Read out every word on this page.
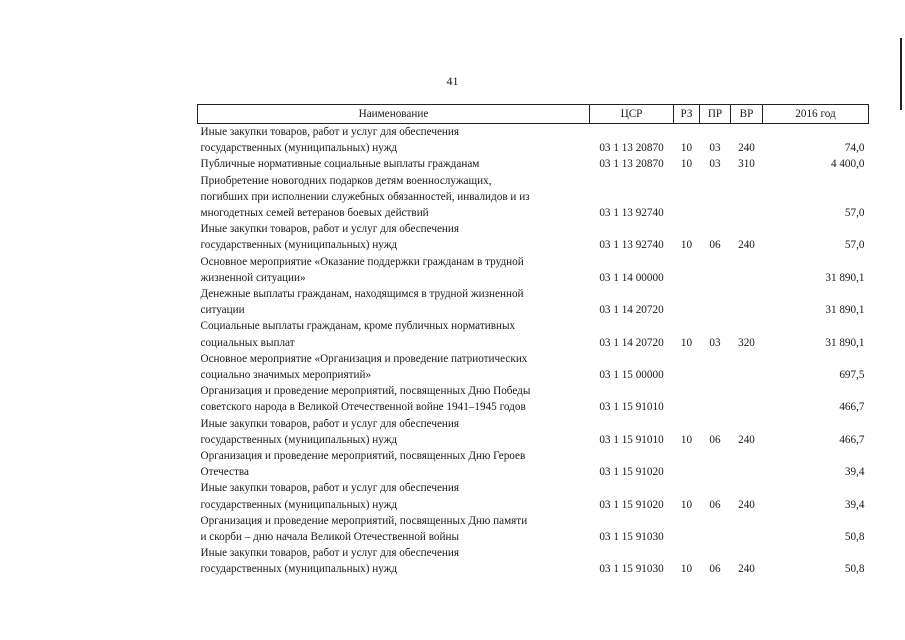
41
Наименование	ЦСР	РЗ	ПР	ВР	2016 год

Иные закупки товаров, работ и услуг для обеспечения
государственных (муниципальных) нужд	03 1 13 20870	10	03	240	74,0

Публичные нормативные социальные выплаты гражданам	03 1 13 20870	10	03	310	4 400,0

Приобретение новогодних подарков детям военнослужащих,
погибших при исполнении служебных обязанностей, инвалидов и из
многодетных семей ветеранов боевых действий	03 1 13 92740				57,0

Иные закупки товаров, работ и услуг для обеспечения
государственных (муниципальных) нужд	03 1 13 92740	10	06	240	57,0

Основное мероприятие «Оказание поддержки гражданам в трудной
жизненной ситуации»	03 1 14 00000				31 890,1

Денежные выплаты гражданам, находящимся в трудной жизненной
ситуации	03 1 14 20720				31 890,1

Социальные выплаты гражданам, кроме публичных нормативных
социальных выплат	03 1 14 20720	10	03	320	31 890,1

Основное мероприятие «Организация и проведение патриотических
социально значимых мероприятий»	03 1 15 00000				697,5

Организация и проведение мероприятий, посвященных Дню Победы
советского народа в Великой Отечественной войне 1941–1945 годов	03 1 15 91010				466,7

Иные закупки товаров, работ и услуг для обеспечения
государственных (муниципальных) нужд	03 1 15 91010	10	06	240	466,7

Организация и проведение мероприятий, посвященных Дню Героев
Отечества	03 1 15 91020				39,4

Иные закупки товаров, работ и услуг для обеспечения
государственных (муниципальных) нужд	03 1 15 91020	10	06	240	39,4

Организация и проведение мероприятий, посвященных Дню памяти
и скорби – дню начала Великой Отечественной войны	03 1 15 91030				50,8

Иные закупки товаров, работ и услуг для обеспечения
государственных (муниципальных) нужд	03 1 15 91030	10	06	240	50,8
